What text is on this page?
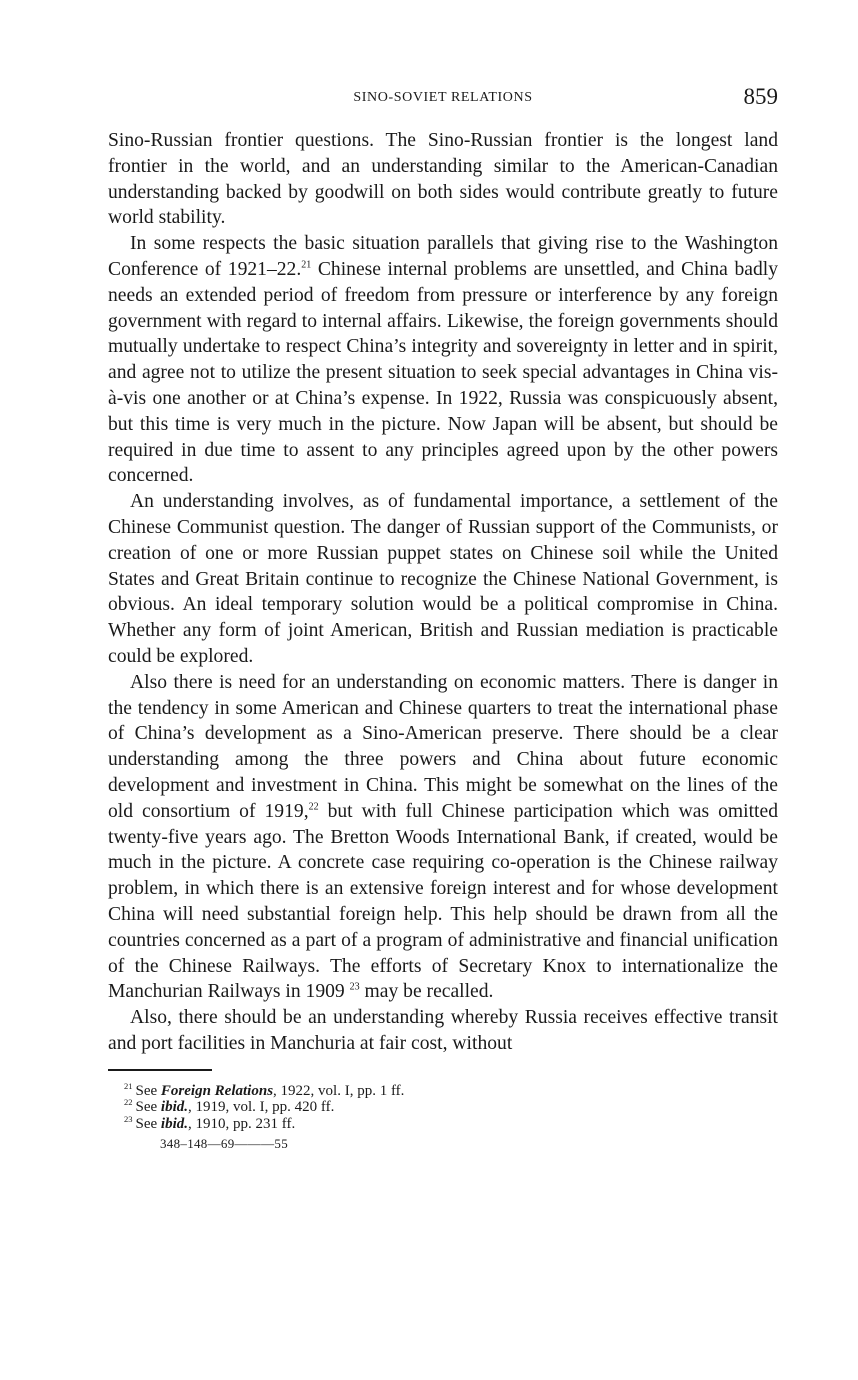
SINO-SOVIET RELATIONS	859

Sino-Russian frontier questions. The Sino-Russian frontier is the longest land frontier in the world, and an understanding similar to the American-Canadian understanding backed by goodwill on both sides would contribute greatly to future world stability.

In some respects the basic situation parallels that giving rise to the Washington Conference of 1921–22.21 Chinese internal problems are unsettled, and China badly needs an extended period of freedom from pressure or interference by any foreign government with regard to internal affairs. Likewise, the foreign governments should mutually undertake to respect China’s integrity and sovereignty in letter and in spirit, and agree not to utilize the present situation to seek special advantages in China vis-à-vis one another or at China’s expense. In 1922, Russia was conspicuously absent, but this time is very much in the picture. Now Japan will be absent, but should be required in due time to assent to any principles agreed upon by the other powers concerned.

An understanding involves, as of fundamental importance, a settlement of the Chinese Communist question. The danger of Russian support of the Communists, or creation of one or more Russian puppet states on Chinese soil while the United States and Great Britain continue to recognize the Chinese National Government, is obvious. An ideal temporary solution would be a political compromise in China. Whether any form of joint American, British and Russian mediation is practicable could be explored.

Also there is need for an understanding on economic matters. There is danger in the tendency in some American and Chinese quarters to treat the international phase of China’s development as a Sino-American preserve. There should be a clear understanding among the three powers and China about future economic development and investment in China. This might be somewhat on the lines of the old consortium of 1919,22 but with full Chinese participation which was omitted twenty-five years ago. The Bretton Woods International Bank, if created, would be much in the picture. A concrete case requiring co-operation is the Chinese railway problem, in which there is an extensive foreign interest and for whose development China will need substantial foreign help. This help should be drawn from all the countries concerned as a part of a program of administrative and financial unification of the Chinese Railways. The efforts of Secretary Knox to internationalize the Manchurian Railways in 1909 $^{23}$ may be recalled.

Also, there should be an understanding whereby Russia receives effective transit and port facilities in Manchuria at fair cost, without

$^{21}$ See Foreign Relations, 1922, vol. I, pp. 1 ff.

$^{22}$ See ibid., 1919, vol. I, pp. 420 ff.

$^{23}$ See ibid., 1910, pp. 231 ff.

348–148—69———55
